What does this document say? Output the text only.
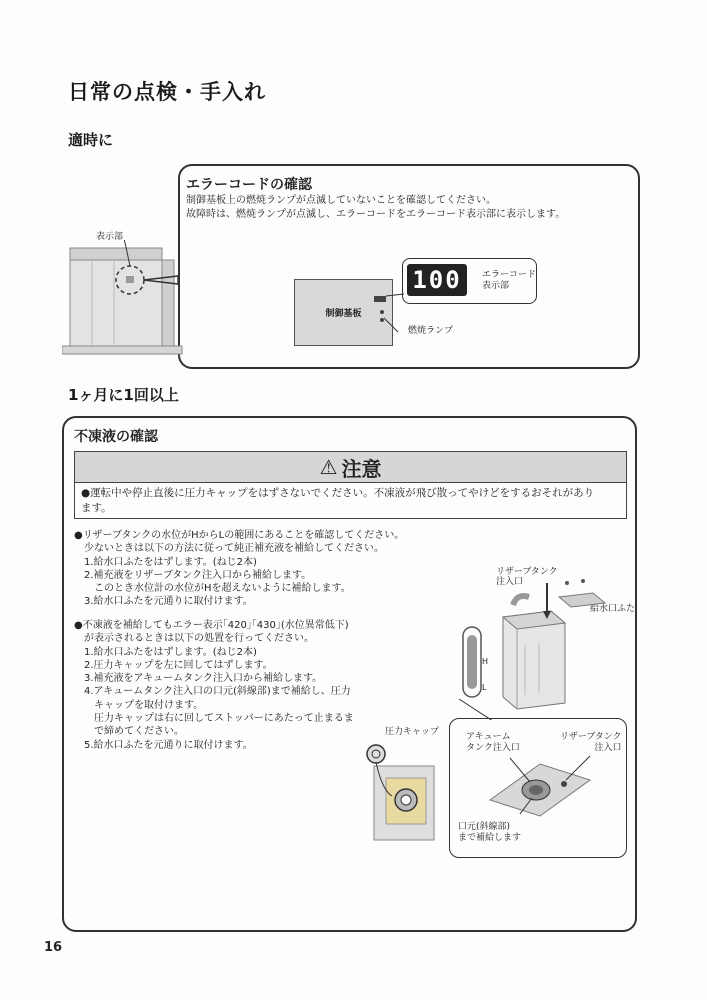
日常の点検・手入れ
適時に
エラーコードの確認
制御基板上の燃焼ランプが点滅していないことを確認してください。
故障時は、燃焼ランプが点滅し、エラーコードをエラーコード表示部に表示します。
表示部
100	エラーコード
表示部
制御基板
燃焼ランプ
1ヶ月に1回以上
不凍液の確認
⚠ 注意
●運転中や停止直後に圧力キャップをはずさないでください。不凍液が飛び散ってやけどをするおそれがあり
ます。
●リザーブタンクの水位がHからLの範囲にあることを確認してください。
　少ないときは以下の方法に従って純正補充液を補給してください。
　1.給水口ふたをはずします。(ねじ2本)
　2.補充液をリザーブタンク注入口から補給します。
　　このとき水位計の水位がHを超えないように補給します。
　3.給水口ふたを元通りに取付けます。
●不凍液を補給してもエラー表示｢420｣｢430｣(水位異常低下)
　が表示されるときは以下の処置を行ってください。
　1.給水口ふたをはずします。(ねじ2本)
　2.圧力キャップを左に回してはずします。
　3.補充液をアキュームタンク注入口から補給します。
　4.アキュームタンク注入口の口元(斜線部)まで補給し、圧力
　　キャップを取付けます。
　　圧力キャップは右に回してストッパーにあたって止まるま
　　で締めてください。
　5.給水口ふたを元通りに取付けます。
リザーブタンク
注入口
給水口ふた
H
L
圧力キャップ	アキューム
タンク注入口
リザーブタンク
注入口
口元(斜線部)
まで補給します
16
